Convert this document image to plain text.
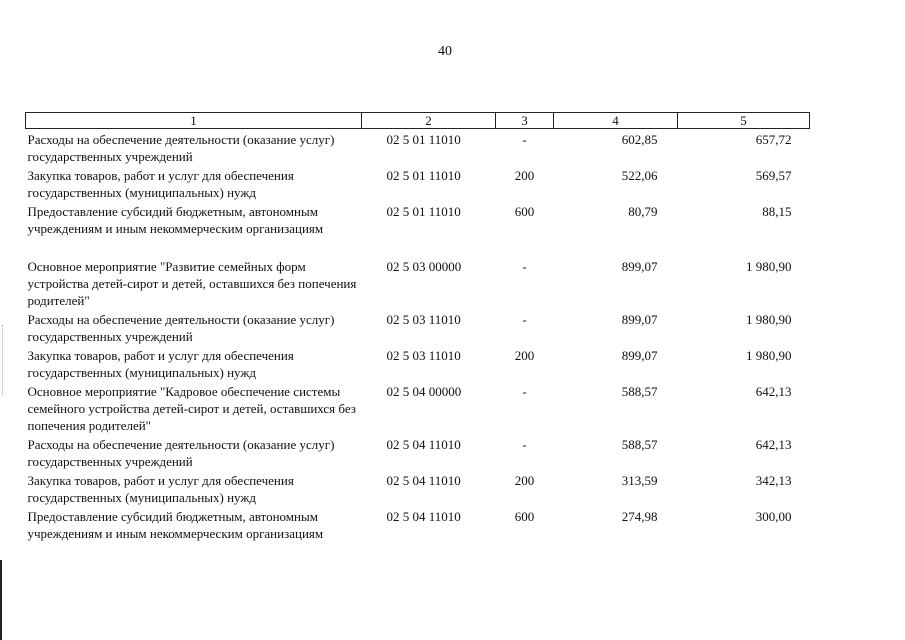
40
1	2	3	4	5
Расходы на обеспечение деятельности (оказание услуг) государственных учреждений	02 5 01 11010	-	602,85	657,72
Закупка товаров, работ и услуг для обеспечения государственных (муниципальных) нужд	02 5 01 11010	200	522,06	569,57
Предоставление субсидий бюджетным, автономным учреждениям и иным некоммерческим организациям	02 5 01 11010	600	80,79	88,15

Основное мероприятие "Развитие семейных форм устройства детей-сирот и детей, оставшихся без попечения родителей"	02 5 03 00000	-	899,07	1 980,90
Расходы на обеспечение деятельности (оказание услуг) государственных учреждений	02 5 03 11010	-	899,07	1 980,90
Закупка товаров, работ и услуг для обеспечения государственных (муниципальных) нужд	02 5 03 11010	200	899,07	1 980,90
Основное мероприятие "Кадровое обеспечение системы семейного устройства детей-сирот и детей, оставшихся без попечения родителей"	02 5 04 00000	-	588,57	642,13
Расходы на обеспечение деятельности (оказание услуг) государственных учреждений	02 5 04 11010	-	588,57	642,13
Закупка товаров, работ и услуг для обеспечения государственных (муниципальных) нужд	02 5 04 11010	200	313,59	342,13
Предоставление субсидий бюджетным, автономным учреждениям и иным некоммерческим организациям	02 5 04 11010	600	274,98	300,00
